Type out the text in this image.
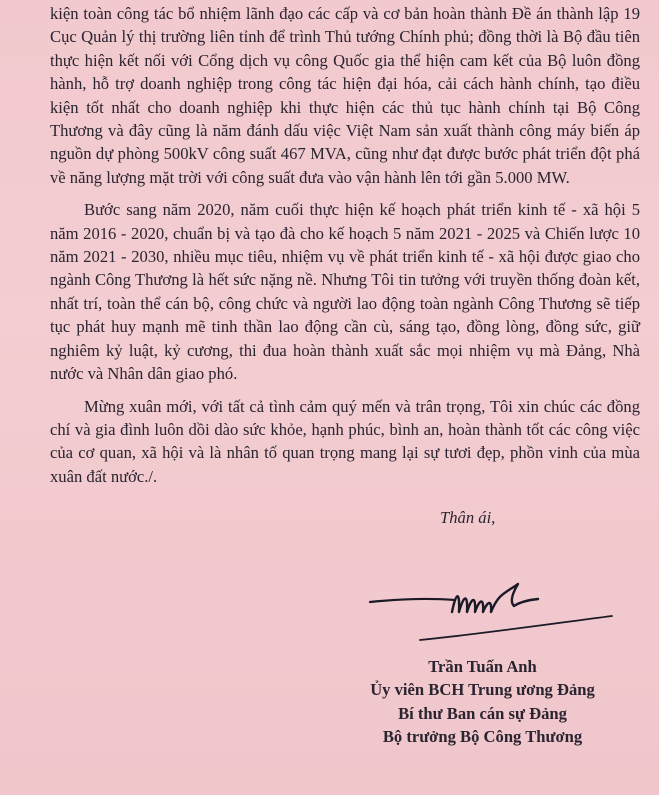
kiện toàn công tác bổ nhiệm lãnh đạo các cấp và cơ bản hoàn thành Đề án thành lập 19 Cục Quản lý thị trường liên tỉnh để trình Thủ tướng Chính phủ; đồng thời là Bộ đầu tiên thực hiện kết nối với Cổng dịch vụ công Quốc gia thể hiện cam kết của Bộ luôn đồng hành, hỗ trợ doanh nghiệp trong công tác hiện đại hóa, cải cách hành chính, tạo điều kiện tốt nhất cho doanh nghiệp khi thực hiện các thủ tục hành chính tại Bộ Công Thương và đây cũng là năm đánh dấu việc Việt Nam sản xuất thành công máy biến áp nguồn dự phòng 500kV công suất 467 MVA, cũng như đạt được bước phát triển đột phá về năng lượng mặt trời với công suất đưa vào vận hành lên tới gần 5.000 MW.

Bước sang năm 2020, năm cuối thực hiện kế hoạch phát triển kinh tế - xã hội 5 năm 2016 - 2020, chuẩn bị và tạo đà cho kế hoạch 5 năm 2021 - 2025 và Chiến lược 10 năm 2021 - 2030, nhiều mục tiêu, nhiệm vụ về phát triển kinh tế - xã hội được giao cho ngành Công Thương là hết sức nặng nề. Nhưng Tôi tin tưởng với truyền thống đoàn kết, nhất trí, toàn thể cán bộ, công chức và người lao động toàn ngành Công Thương sẽ tiếp tục phát huy mạnh mẽ tinh thần lao động cần cù, sáng tạo, đồng lòng, đồng sức, giữ nghiêm kỷ luật, kỷ cương, thi đua hoàn thành xuất sắc mọi nhiệm vụ mà Đảng, Nhà nước và Nhân dân giao phó.

Mừng xuân mới, với tất cả tình cảm quý mến và trân trọng, Tôi xin chúc các đồng chí và gia đình luôn dồi dào sức khỏe, hạnh phúc, bình an, hoàn thành tốt các công việc của cơ quan, xã hội và là nhân tố quan trọng mang lại sự tươi đẹp, phồn vinh của mùa xuân đất nước./.

Thân ái,
Trần Tuấn Anh
Ủy viên BCH Trung ương Đảng
Bí thư Ban cán sự Đảng
Bộ trưởng Bộ Công Thương
